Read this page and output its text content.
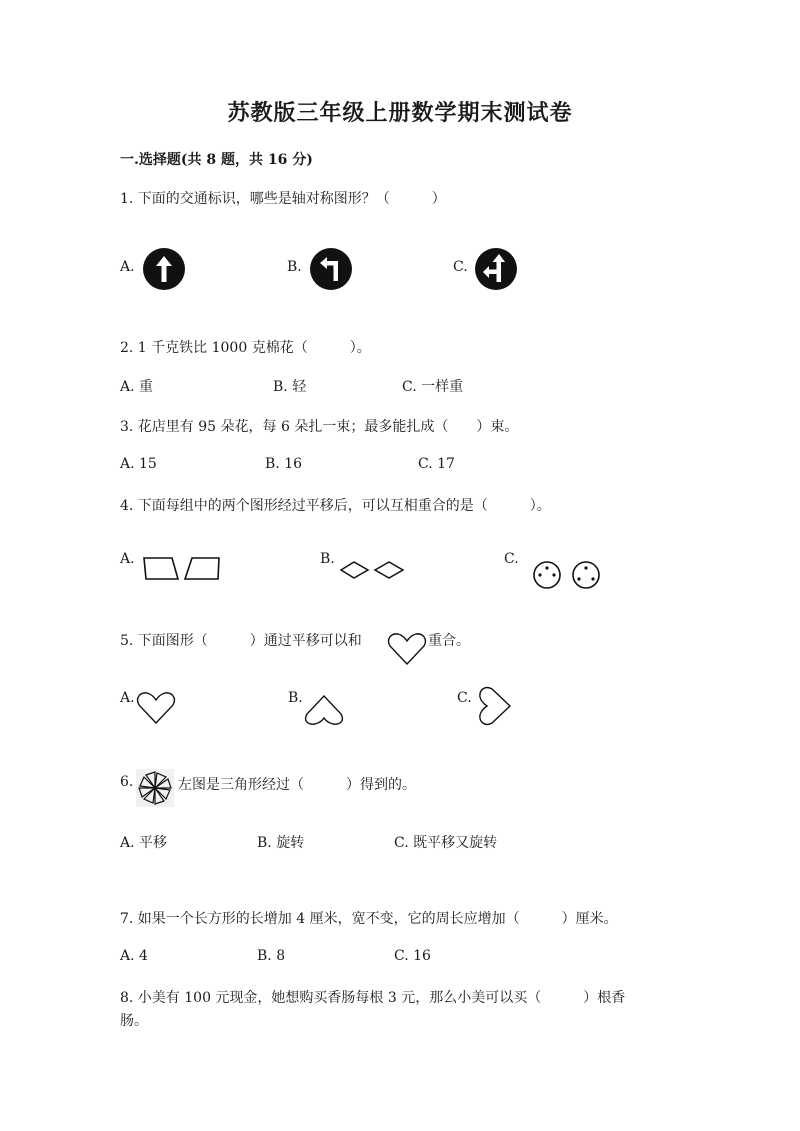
苏教版三年级上册数学期末测试卷
一.选择题(共 8 题，共 16 分)
1. 下面的交通标识，哪些是轴对称图形？（　　　）
A.	B.	C.
2. 1 千克铁比 1000 克棉花（　　　）。
A. 重	B. 轻	C. 一样重
3. 花店里有 95 朵花，每 6 朵扎一束；最多能扎成（　　）束。
A. 15	B. 16	C. 17
4. 下面每组中的两个图形经过平移后，可以互相重合的是（　　　）。
A.	B.	C.
5. 下面图形（　　　）通过平移可以和	重合。
A.	B.	C.
6.	左图是三角形经过（　　　）得到的。
A. 平移	B. 旋转	C. 既平移又旋转
7. 如果一个长方形的长增加 4 厘米，宽不变，它的周长应增加（　　　）厘米。
A. 4	B. 8	C. 16
8. 小美有 100 元现金，她想购买香肠每根 3 元，那么小美可以买（　　　）根香
肠。
